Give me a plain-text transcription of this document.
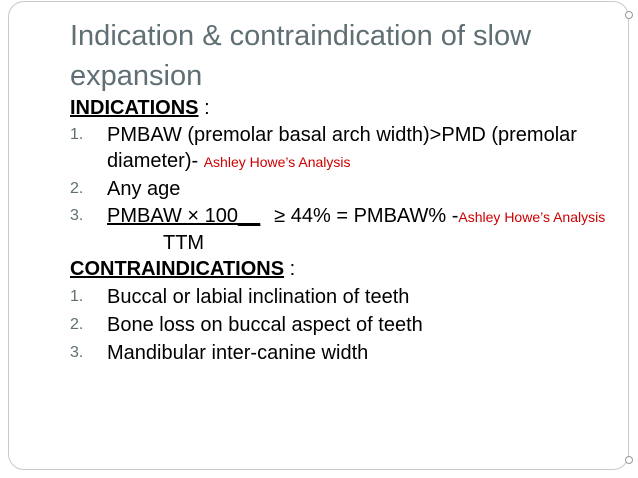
Indication & contraindication of slow expansion
INDICATIONS :
1.	PMBAW (premolar basal arch width)>PMD (premolar diameter)- Ashley Howe’s Analysis
2.	Any age
3.	PMBAW × 100__ ≥ 44% = PMBAW% -Ashley Howe’s Analysis
TTM
CONTRAINDICATIONS :
1.	Buccal or labial inclination of teeth
2.	Bone loss on buccal aspect of teeth
3.	Mandibular inter-canine width
